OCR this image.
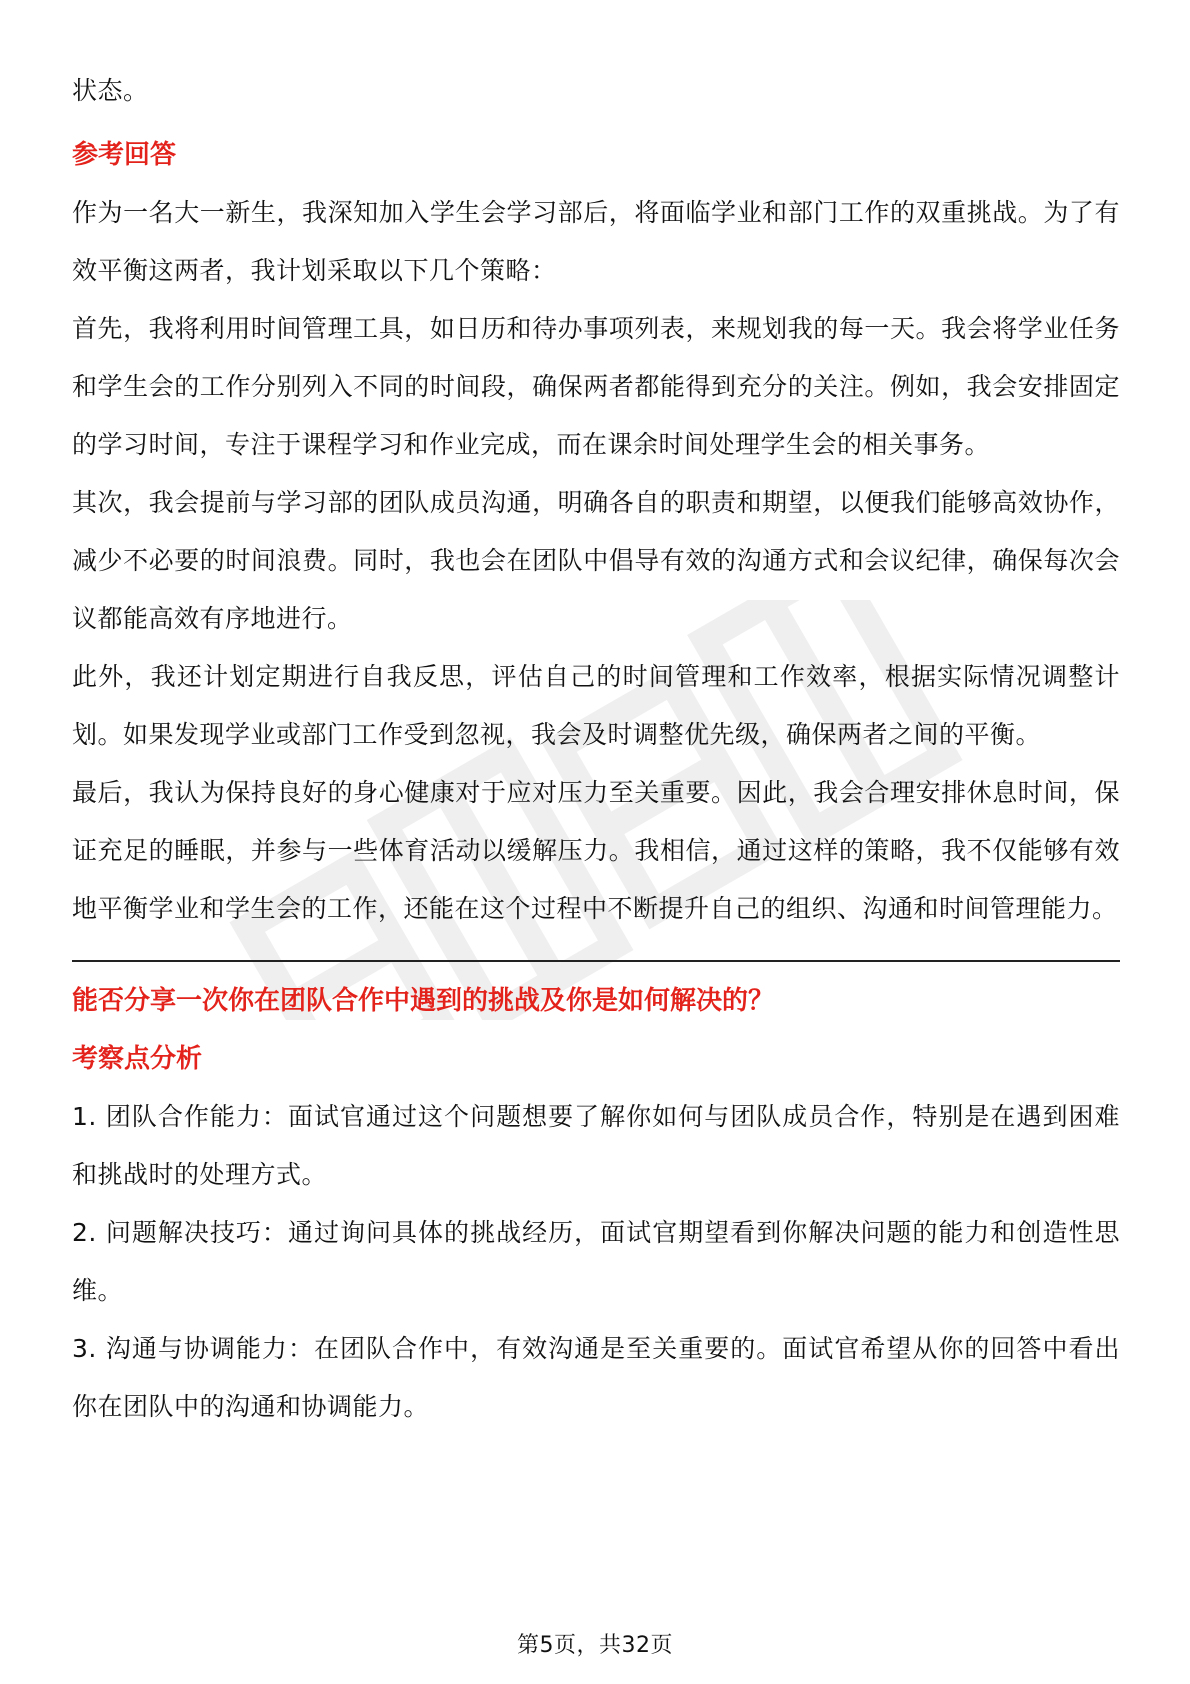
状态。

参考回答

作为一名大一新生，我深知加入学生会学习部后，将面临学业和部门工作的双重挑战。为了有效平衡这两者，我计划采取以下几个策略：

首先，我将利用时间管理工具，如日历和待办事项列表，来规划我的每一天。我会将学业任务和学生会的工作分别列入不同的时间段，确保两者都能得到充分的关注。例如，我会安排固定的学习时间，专注于课程学习和作业完成，而在课余时间处理学生会的相关事务。

其次，我会提前与学习部的团队成员沟通，明确各自的职责和期望，以便我们能够高效协作，减少不必要的时间浪费。同时，我也会在团队中倡导有效的沟通方式和会议纪律，确保每次会议都能高效有序地进行。

此外，我还计划定期进行自我反思，评估自己的时间管理和工作效率，根据实际情况调整计划。如果发现学业或部门工作受到忽视，我会及时调整优先级，确保两者之间的平衡。

最后，我认为保持良好的身心健康对于应对压力至关重要。因此，我会合理安排休息时间，保证充足的睡眠，并参与一些体育活动以缓解压力。我相信，通过这样的策略，我不仅能够有效地平衡学业和学生会的工作，还能在这个过程中不断提升自己的组织、沟通和时间管理能力。

能否分享一次你在团队合作中遇到的挑战及你是如何解决的？

考察点分析

1. 团队合作能力：面试官通过这个问题想要了解你如何与团队成员合作，特别是在遇到困难和挑战时的处理方式。

2. 问题解决技巧：通过询问具体的挑战经历，面试官期望看到你解决问题的能力和创造性思维。

3. 沟通与协调能力：在团队合作中，有效沟通是至关重要的。面试官希望从你的回答中看出你在团队中的沟通和协调能力。

第5页，共32页
